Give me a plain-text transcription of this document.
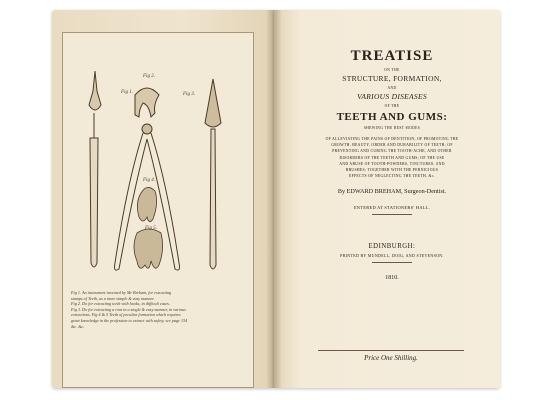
Fig 1.
Fig 2.
Fig 3.
Fig 4.
Fig 5.
Fig 1. An instrument invented by Mr Breham, for extracting
stumps of Teeth, as a more simple & easy manner.
Fig 2. Do for extracting teeth with hooks, in difficult cases.
Fig 3. Do for extracting a root in a single & easy manner, in various
extractions. Fig 4 & 5 Teeth of peculiar formation which requires
great knowledge in the profession to extract with safety, see page 134
&c. &c.
TREATISE
ON THE
STRUCTURE, FORMATION,
AND
VARIOUS DISEASES
OF THE
TEETH AND GUMS:
SHEWING THE BEST MODES
OF ALLEVIATING THE PAINS OF DENTITION; OF PROMOTING THE
GROWTH, BEAUTY, ORDER AND DURABILITY OF TEETH; OF
PREVENTING AND CURING THE TOOTH-ACHE, AND OTHER
DISORDERS OF THE TEETH AND GUMS; OF THE USE
AND ABUSE OF TOOTH-POWDERS, TINCTURES, AND
BRUSHES; TOGETHER WITH THE PERNICIOUS
EFFECTS OF NEGLECTING THE TEETH, &c.
By EDWARD BREHAM, Surgeon-Dentist.
ENTERED AT STATIONERS' HALL.
EDINBURGH:
PRINTED BY MUNDELL, DOIG, AND STEVENSON.
1810.
Price One Shilling.
